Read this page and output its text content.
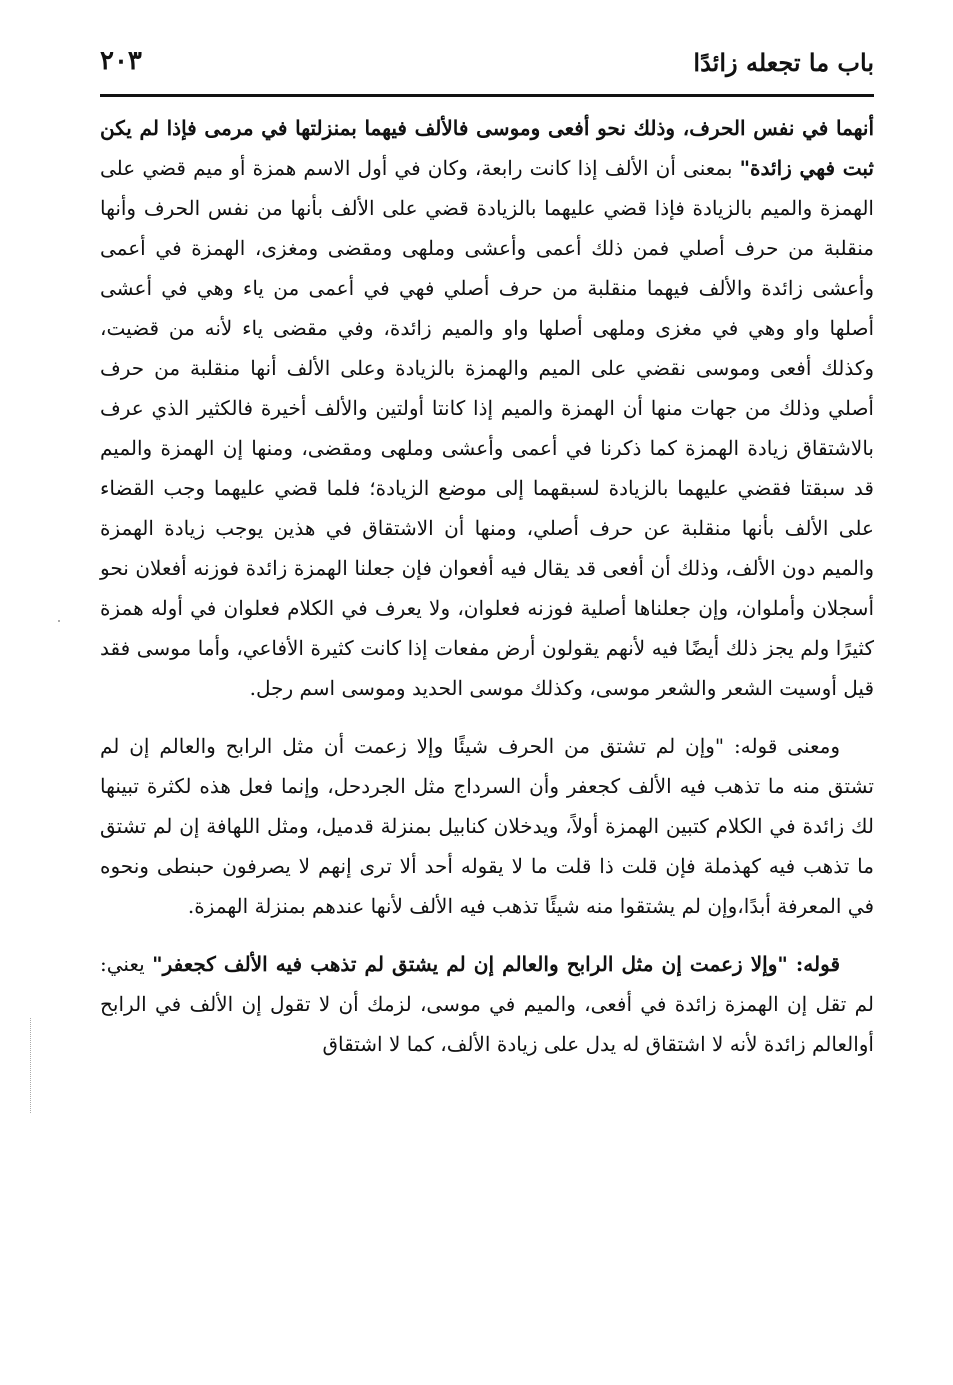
باب ما تجعله زائدًا
٢٠٣

أنهما في نفس الحرف، وذلك نحو أفعى وموسى فالألف فيهما بمنزلتها في مرمى فإذا لم يكن ثبت فهي زائدة" بمعنى أن الألف إذا كانت رابعة، وكان في أول الاسم همزة أو ميم قضي على الهمزة والميم بالزيادة فإذا قضي عليهما بالزيادة قضي على الألف بأنها من نفس الحرف وأنها منقلبة من حرف أصلي فمن ذلك أعمى وأعشى وملهى ومقضى ومغزى، الهمزة في أعمى وأعشى زائدة والألف فيهما منقلبة من حرف أصلي فهي في أعمى من ياء وهي في أعشى أصلها واو وهي في مغزى وملهى أصلها واو والميم زائدة، وفي مقضى ياء لأنه من قضيت، وكذلك أفعى وموسى نقضي على الميم والهمزة بالزيادة وعلى الألف أنها منقلبة من حرف أصلي وذلك من جهات منها أن الهمزة والميم إذا كانتا أولتين والألف أخيرة فالكثير الذي عرف بالاشتقاق زيادة الهمزة كما ذكرنا في أعمى وأعشى وملهى ومقضى، ومنها إن الهمزة والميم قد سبقتا فقضي عليهما بالزيادة لسبقهما إلى موضع الزيادة؛ فلما قضي عليهما وجب القضاء على الألف بأنها منقلبة عن حرف أصلي، ومنها أن الاشتقاق في هذين يوجب زيادة الهمزة والميم دون الألف، وذلك أن أفعى قد يقال فيه أفعوان فإن جعلنا الهمزة زائدة فوزنه أفعلان نحو أسجلان وأملوان، وإن جعلناها أصلية فوزنه فعلوان، ولا يعرف في الكلام فعلوان في أوله همزة كثيرًا ولم يجز ذلك أيضًا فيه لأنهم يقولون أرض مفعات إذا كانت كثيرة الأفاعي، وأما موسى فقد قيل أوسيت الشعر والشعر موسى، وكذلك موسى الحديد وموسى اسم رجل.

ومعنى قوله: "وإن لم تشتق من الحرف شيئًا وإلا زعمت أن مثل الرابح والعالم إن لم تشتق منه ما تذهب فيه الألف كجعفر وأن السرداج مثل الجردحل، وإنما فعل هذه لكثرة تبينها لك زائدة في الكلام كتبين الهمزة أولاً، ويدخلان كنابيل بمنزلة قدميل، ومثل اللهافة إن لم تشتق ما تذهب فيه كهذملة فإن قلت ذا قلت ما لا يقوله أحد ألا ترى إنهم لا يصرفون حبنطى ونحوه في المعرفة أبدًا،وإن لم يشتقوا منه شيئًا تذهب فيه الألف لأنها عندهم بمنزلة الهمزة.

قوله: "وإلا زعمت إن مثل الرابح والعالم إن لم يشتق لم تذهب فيه الألف كجعفر" يعني: لم تقل إن الهمزة زائدة في أفعى، والميم في موسى، لزمك أن لا تقول إن الألف في الرابح أوالعالم زائدة لأنه لا اشتقاق له يدل على زيادة الألف، كما لا اشتقاق
